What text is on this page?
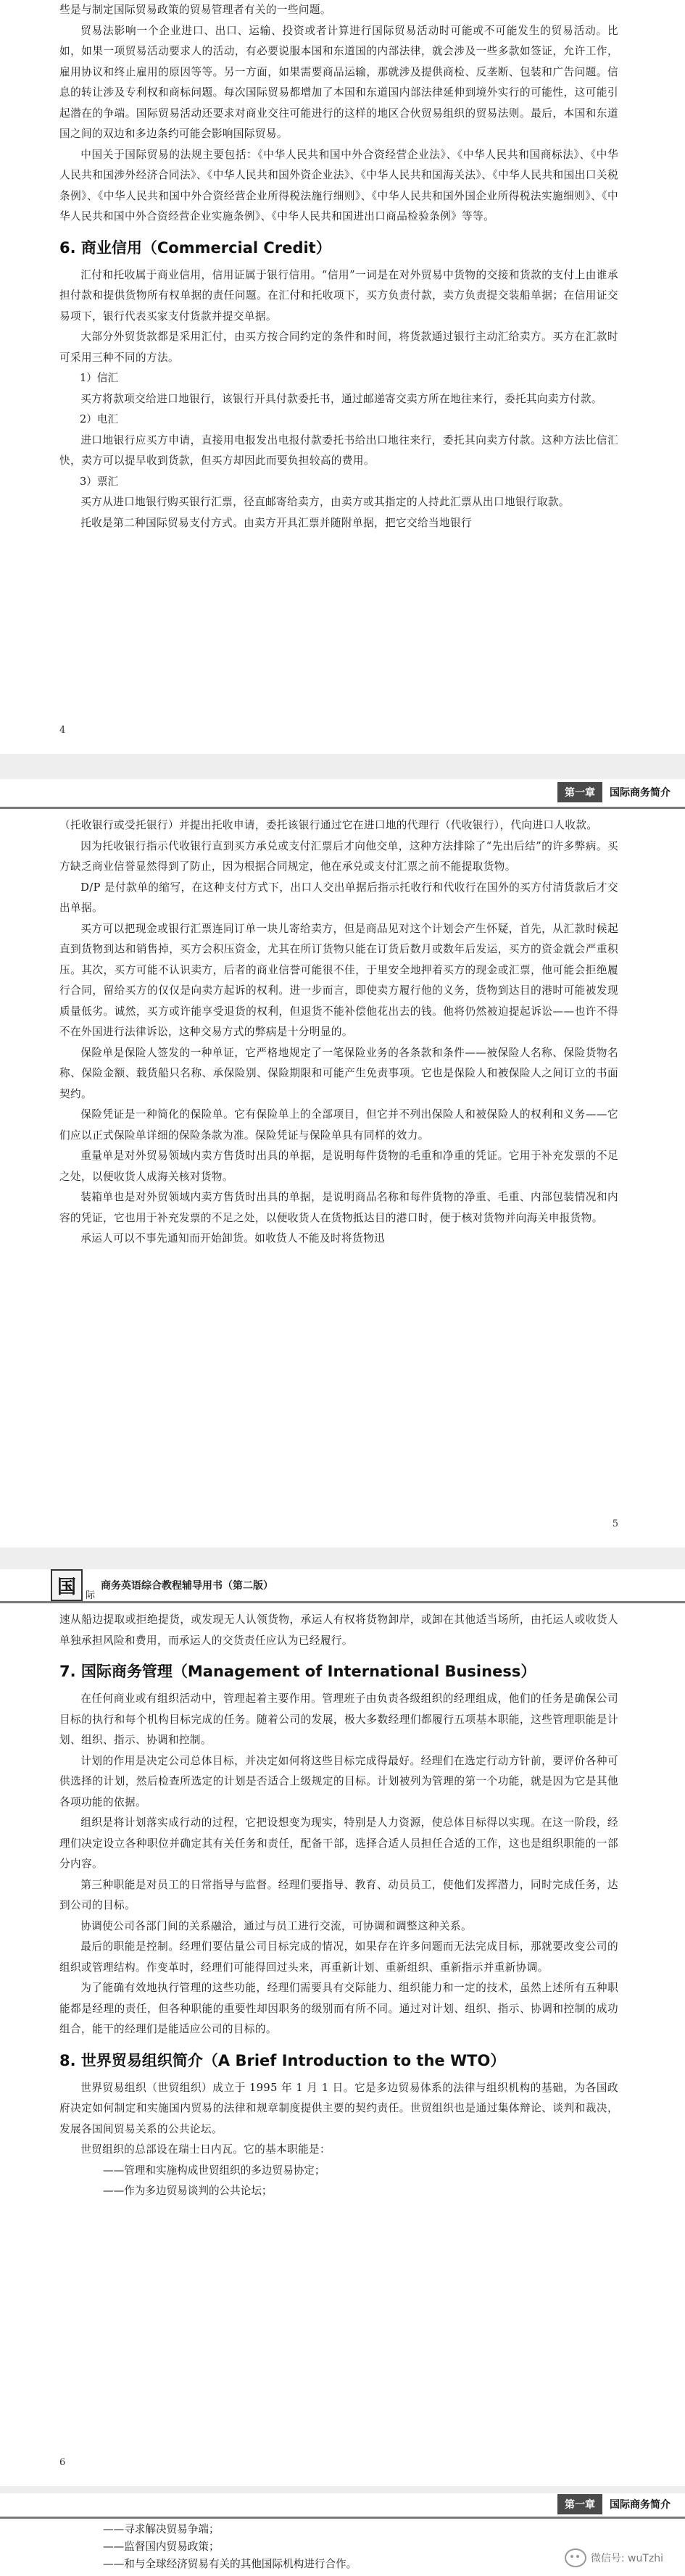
些是与制定国际贸易政策的贸易管理者有关的一些问题。

贸易法影响一个企业进口、出口、运输、投资或者计算进行国际贸易活动时可能或不可能发生的贸易活动。比如，如果一项贸易活动要求人的活动，有必要说服本国和东道国的内部法律，就会涉及一些多款如签证，允许工作，雇用协议和终止雇用的原因等等。另一方面，如果需要商品运输，那就涉及提供商检、反垄断、包装和广告问题。信息的转让涉及专利权和商标问题。每次国际贸易都增加了本国和东道国内部法律延伸到境外实行的可能性，这可能引起潜在的争端。国际贸易活动还要求对商业交往可能进行的这样的地区合伙贸易组织的贸易法则。最后，本国和东道国之间的双边和多边条约可能会影响国际贸易。

中国关于国际贸易的法规主要包括：《中华人民共和国中外合资经营企业法》、《中华人民共和国商标法》、《中华人民共和国涉外经济合同法》、《中华人民共和国外资企业法》、《中华人民共和国海关法》、《中华人民共和国出口关税条例》、《中华人民共和国中外合资经营企业所得税法施行细则》、《中华人民共和国外国企业所得税法实施细则》、《中华人民共和国中外合资经营企业实施条例》、《中华人民共和国进出口商品检验条例》等等。

6. 商业信用（Commercial Credit）

汇付和托收属于商业信用，信用证属于银行信用。“信用”一词是在对外贸易中货物的交接和货款的支付上由谁承担付款和提供货物所有权单据的责任问题。在汇付和托收项下，买方负责付款，卖方负责提交装船单据；在信用证交易项下，银行代表买家支付货款并提交单据。

大部分外贸货款都是采用汇付，由买方按合同约定的条件和时间，将货款通过银行主动汇给卖方。买方在汇款时可采用三种不同的方法。

1）信汇

买方将款项交给进口地银行，该银行开具付款委托书，通过邮递寄交卖方所在地往来行，委托其向卖方付款。

2）电汇

进口地银行应买方申请，直接用电报发出电报付款委托书给出口地往来行，委托其向卖方付款。这种方法比信汇快，卖方可以提早收到货款，但买方却因此而要负担较高的费用。

3）票汇

买方从进口地银行购买银行汇票，径直邮寄给卖方，由卖方或其指定的人持此汇票从出口地银行取款。

托收是第二种国际贸易支付方式。由卖方开具汇票并随附单据，把它交给当地银行

4
第一章	国际商务简介

（托收银行或受托银行）并提出托收申请，委托该银行通过它在进口地的代理行（代收银行），代向进口人收款。

因为托收银行指示代收银行直到买方承兑或支付汇票后才向他交单，这种方法排除了“先出后结”的许多弊病。买方缺乏商业信誉显然得到了防止，因为根据合同规定，他在承兑或支付汇票之前不能提取货物。

D/P 是付款单的缩写，在这种支付方式下，出口人交出单据后指示托收行和代收行在国外的买方付清货款后才交出单据。

买方可以把现金或银行汇票连同订单一块儿寄给卖方，但是商品见对这个计划会产生怀疑，首先，从汇款时候起直到货物到达和销售掉，买方会积压资金，尤其在所订货物只能在订货后数月或数年后发运，买方的资金就会严重积压。其次，买方可能不认识卖方，后者的商业信誉可能很不佳，于里安全地押着买方的现金或汇票，他可能会拒绝履行合同，留给买方的仅仅是向卖方起诉的权利。进一步而言，即使卖方履行他的义务，货物到达目的港时可能被发现质量低劣。诚然，买方或许能享受退货的权利，但退货不能补偿他花出去的钱。他将仍然被迫提起诉讼——也许不得不在外国进行法律诉讼，这种交易方式的弊病是十分明显的。

保险单是保险人签发的一种单证，它严格地规定了一笔保险业务的各条款和条件——被保险人名称、保险货物名称、保险金额、载货船只名称、承保险别、保险期限和可能产生免责事项。它也是保险人和被保险人之间订立的书面契约。

保险凭证是一种简化的保险单。它有保险单上的全部项目，但它并不列出保险人和被保险人的权利和义务——它们应以正式保险单详细的保险条款为准。保险凭证与保险单具有同样的效力。

重量单是对外贸易领域内卖方售货时出具的单据，是说明每件货物的毛重和净重的凭证。它用于补充发票的不足之处，以便收货人成海关核对货物。

装箱单也是对外贸领域内卖方售货时出具的单据，是说明商品名称和每件货物的净重、毛重、内部包装情况和内容的凭证，它也用于补充发票的不足之处，以便收货人在货物抵达目的港口时，便于核对货物并向海关申报货物。

承运人可以不事先通知而开始卸货。如收货人不能及时将货物迅

5
国	际
商务英语综合教程辅导用书（第二版）

速从船边提取或拒绝提货，或发现无人认领货物，承运人有权将货物卸岸，或卸在其他适当场所，由托运人或收货人单独承担风险和费用，而承运人的交货责任应认为已经履行。

7. 国际商务管理（Management of International Business）

在任何商业或有组织活动中，管理起着主要作用。管理班子由负责各级组织的经理组成，他们的任务是确保公司目标的执行和每个机构目标完成的任务。随着公司的发展，极大多数经理们都履行五项基本职能，这些管理职能是计划、组织、指示、协调和控制。

计划的作用是决定公司总体目标，并决定如何将这些目标完成得最好。经理们在选定行动方针前，要评价各种可供选择的计划，然后检查所选定的计划是否适合上级规定的目标。计划被列为管理的第一个功能，就是因为它是其他各项功能的依据。

组织是将计划落实成行动的过程，它把设想变为现实，特别是人力资源，使总体目标得以实现。在这一阶段，经理们决定设立各种职位并确定其有关任务和责任，配备干部，选择合适人员担任合适的工作，这也是组织职能的一部分内容。

第三种职能是对员工的日常指导与监督。经理们要指导、教育、动员员工，使他们发挥潜力，同时完成任务，达到公司的目标。

协调使公司各部门间的关系融洽，通过与员工进行交流，可协调和调整这种关系。

最后的职能是控制。经理们要估量公司目标完成的情况，如果存在许多问题而无法完成目标，那就要改变公司的组织或管理结构。作变革时，经理们可能得回过头来，再重新计划、重新组织、重新指示并重新协调。

为了能确有效地执行管理的这些功能，经理们需要具有交际能力、组织能力和一定的技术，虽然上述所有五种职能都是经理的责任，但各种职能的重要性却因职务的级别而有所不同。通过对计划、组织、指示、协调和控制的成功组合，能干的经理们是能适应公司的目标的。

8. 世界贸易组织简介（A Brief Introduction to the WTO）

世界贸易组织（世贸组织）成立于 1995 年 1 月 1 日。它是多边贸易体系的法律与组织机构的基础，为各国政府决定如何制定和实施国内贸易的法律和规章制度提供主要的契约责任。世贸组织也是通过集体辩论、谈判和裁决，发展各国间贸易关系的公共论坛。

世贸组织的总部设在瑞士日内瓦。它的基本职能是：

——管理和实施构成世贸组织的多边贸易协定；

——作为多边贸易谈判的公共论坛；

6
第一章	国际商务简介

——寻求解决贸易争端；

——监督国内贸易政策；

——和与全球经济贸易有关的其他国际机构进行合作。	微信号: wuTzhi
